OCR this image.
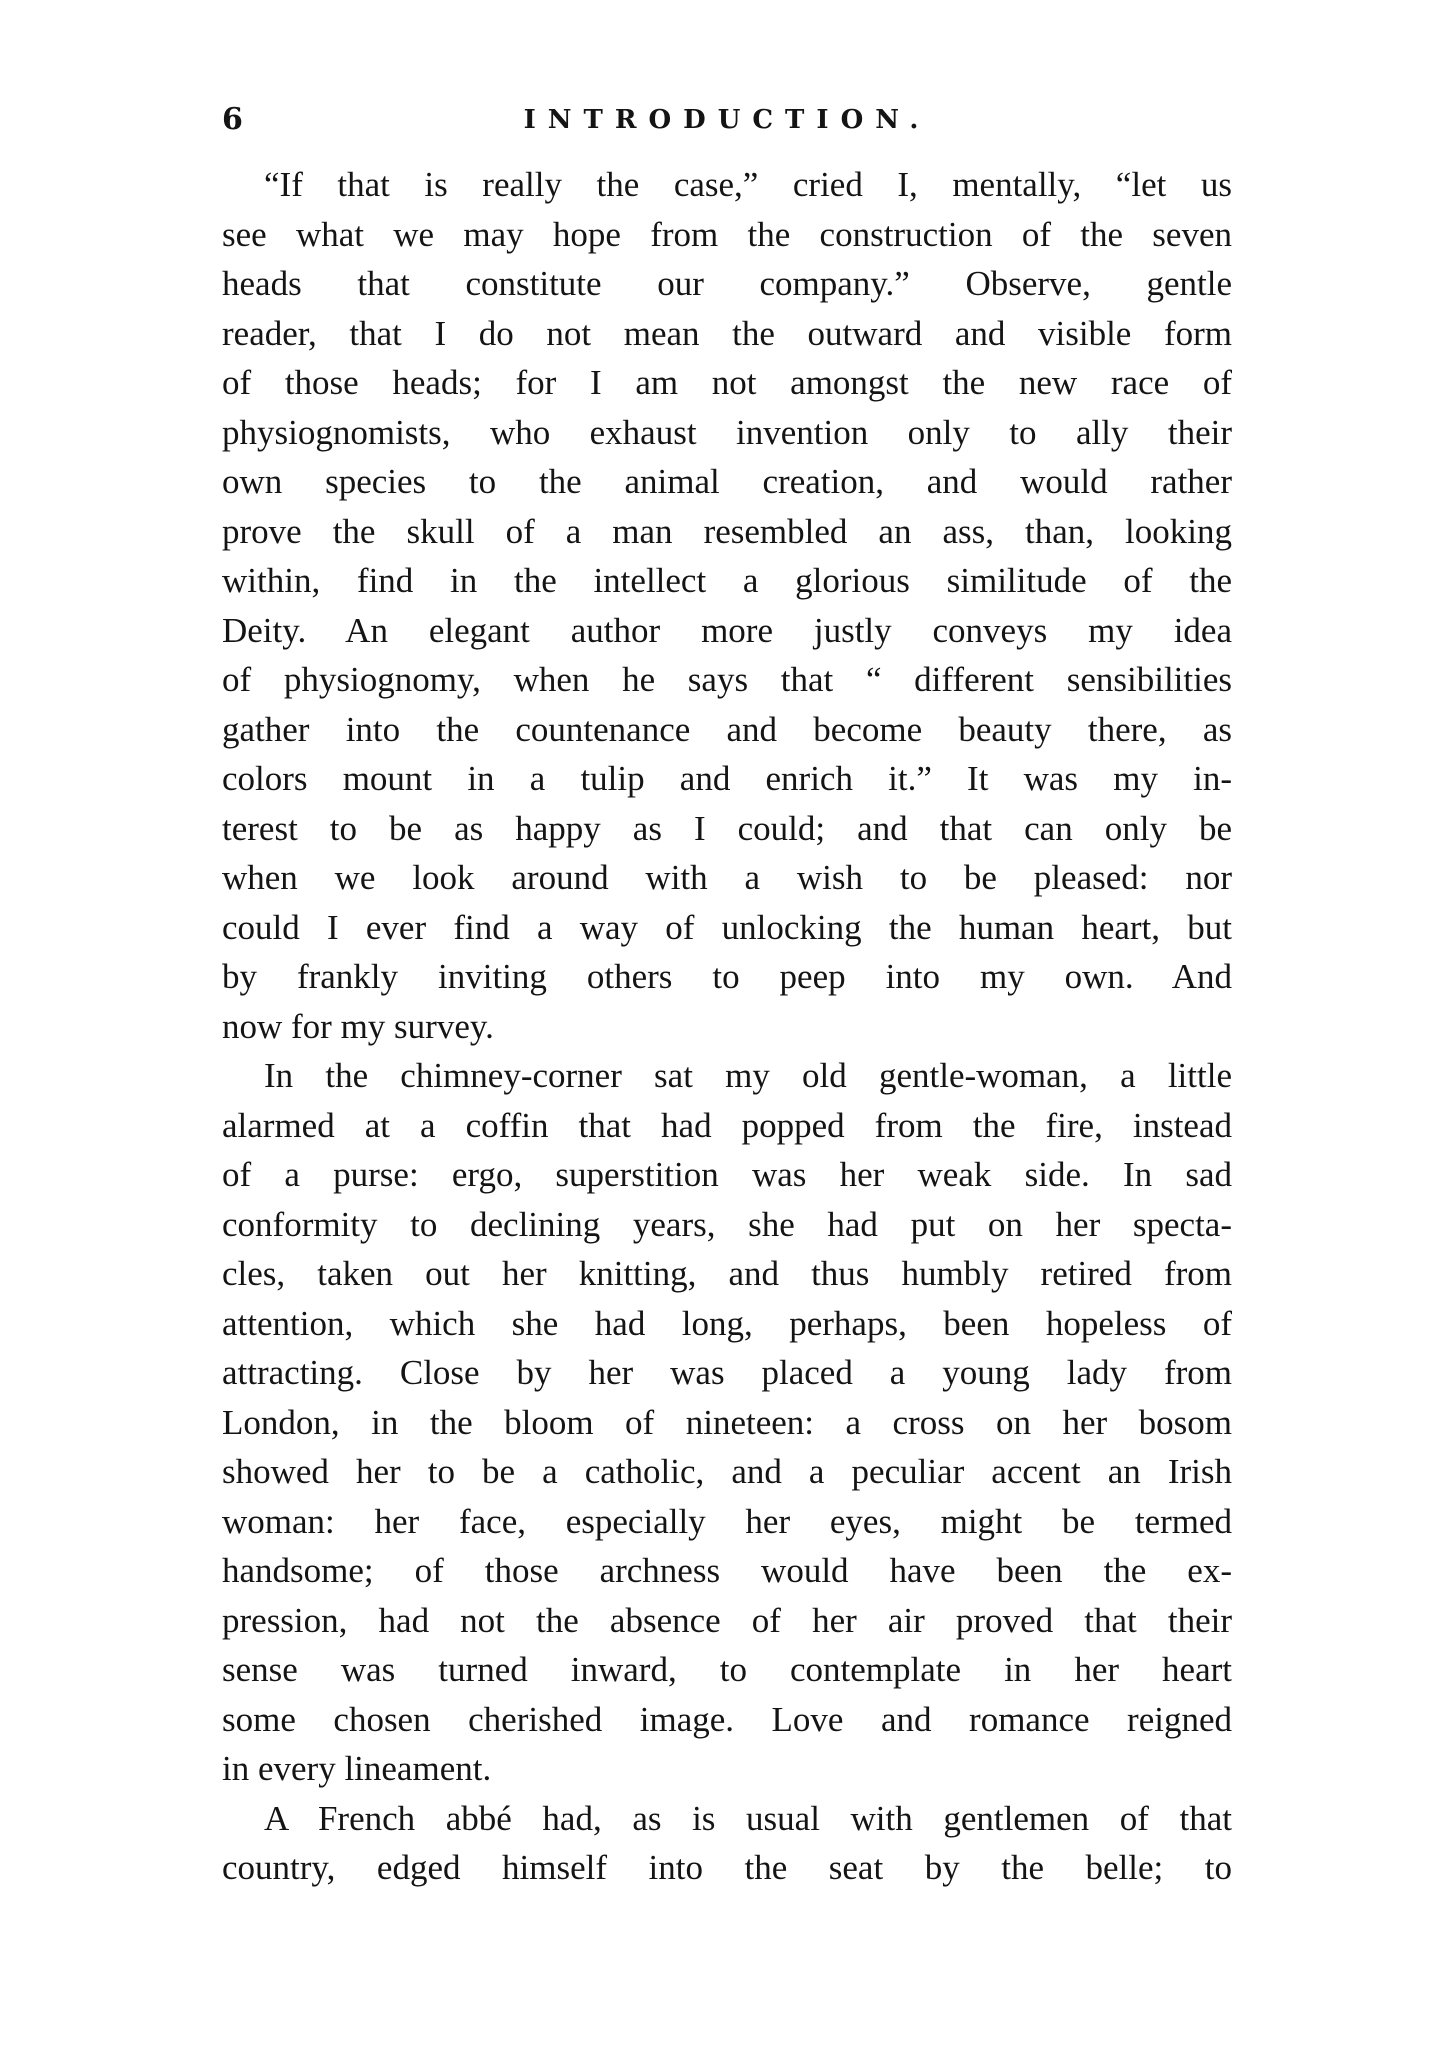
6	INTRODUCTION.
“If that is really the case,” cried I, mentally, “let us
see what we may hope from the construction of the seven
heads that constitute our company.” Observe, gentle
reader, that I do not mean the outward and visible form
of those heads; for I am not amongst the new race of
physiognomists, who exhaust invention only to ally their
own species to the animal creation, and would rather
prove the skull of a man resembled an ass, than, looking
within, find in the intellect a glorious similitude of the
Deity. An elegant author more justly conveys my idea
of physiognomy, when he says that “ different sensibilities
gather into the countenance and become beauty there, as
colors mount in a tulip and enrich it.” It was my in-
terest to be as happy as I could; and that can only be
when we look around with a wish to be pleased: nor
could I ever find a way of unlocking the human heart, but
by frankly inviting others to peep into my own. And
now for my survey.
In the chimney-corner sat my old gentle-woman, a little
alarmed at a coffin that had popped from the fire, instead
of a purse: ergo, superstition was her weak side. In sad
conformity to declining years, she had put on her specta-
cles, taken out her knitting, and thus humbly retired from
attention, which she had long, perhaps, been hopeless of
attracting. Close by her was placed a young lady from
London, in the bloom of nineteen: a cross on her bosom
showed her to be a catholic, and a peculiar accent an Irish
woman: her face, especially her eyes, might be termed
handsome; of those archness would have been the ex-
pression, had not the absence of her air proved that their
sense was turned inward, to contemplate in her heart
some chosen cherished image. Love and romance reigned
in every lineament.
A French abbé had, as is usual with gentlemen of that
country, edged himself into the seat by the belle; to
